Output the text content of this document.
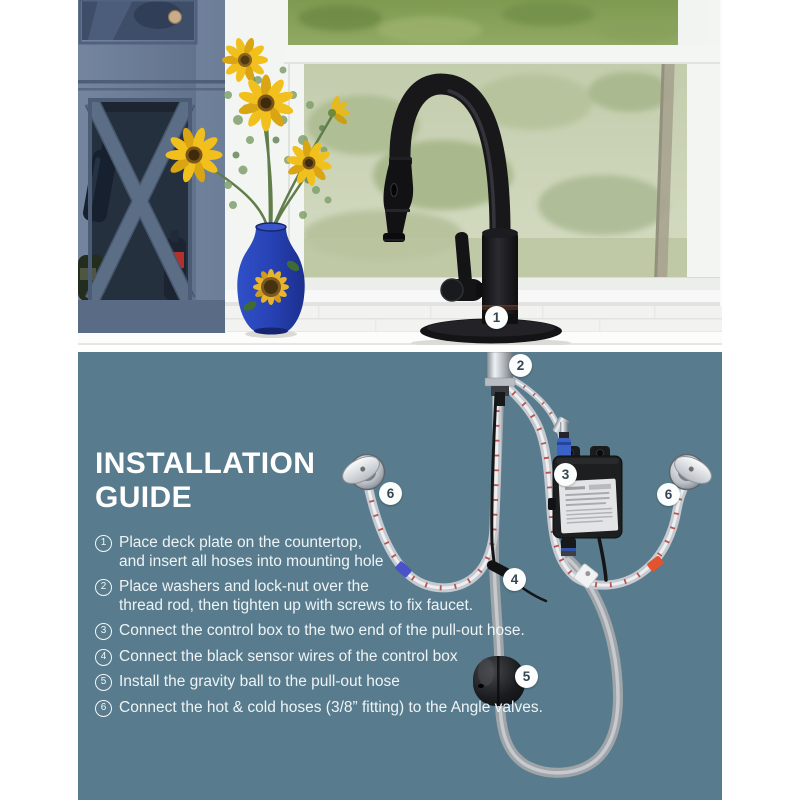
1
INSTALLATION
GUIDE
1 Place deck plate on the countertop,
and insert all hoses into mounting hole
2 Place washers and lock-nut over the
thread rod, then tighten up with screws to fix faucet.
3 Connect the control box to the two end of the pull-out hose.
4 Connect the black sensor wires of the control box
5 Install the gravity ball to the pull-out hose
6 Connect the hot & cold hoses (3/8” fitting) to the Angle valves.
2
3
4
5
6	6
